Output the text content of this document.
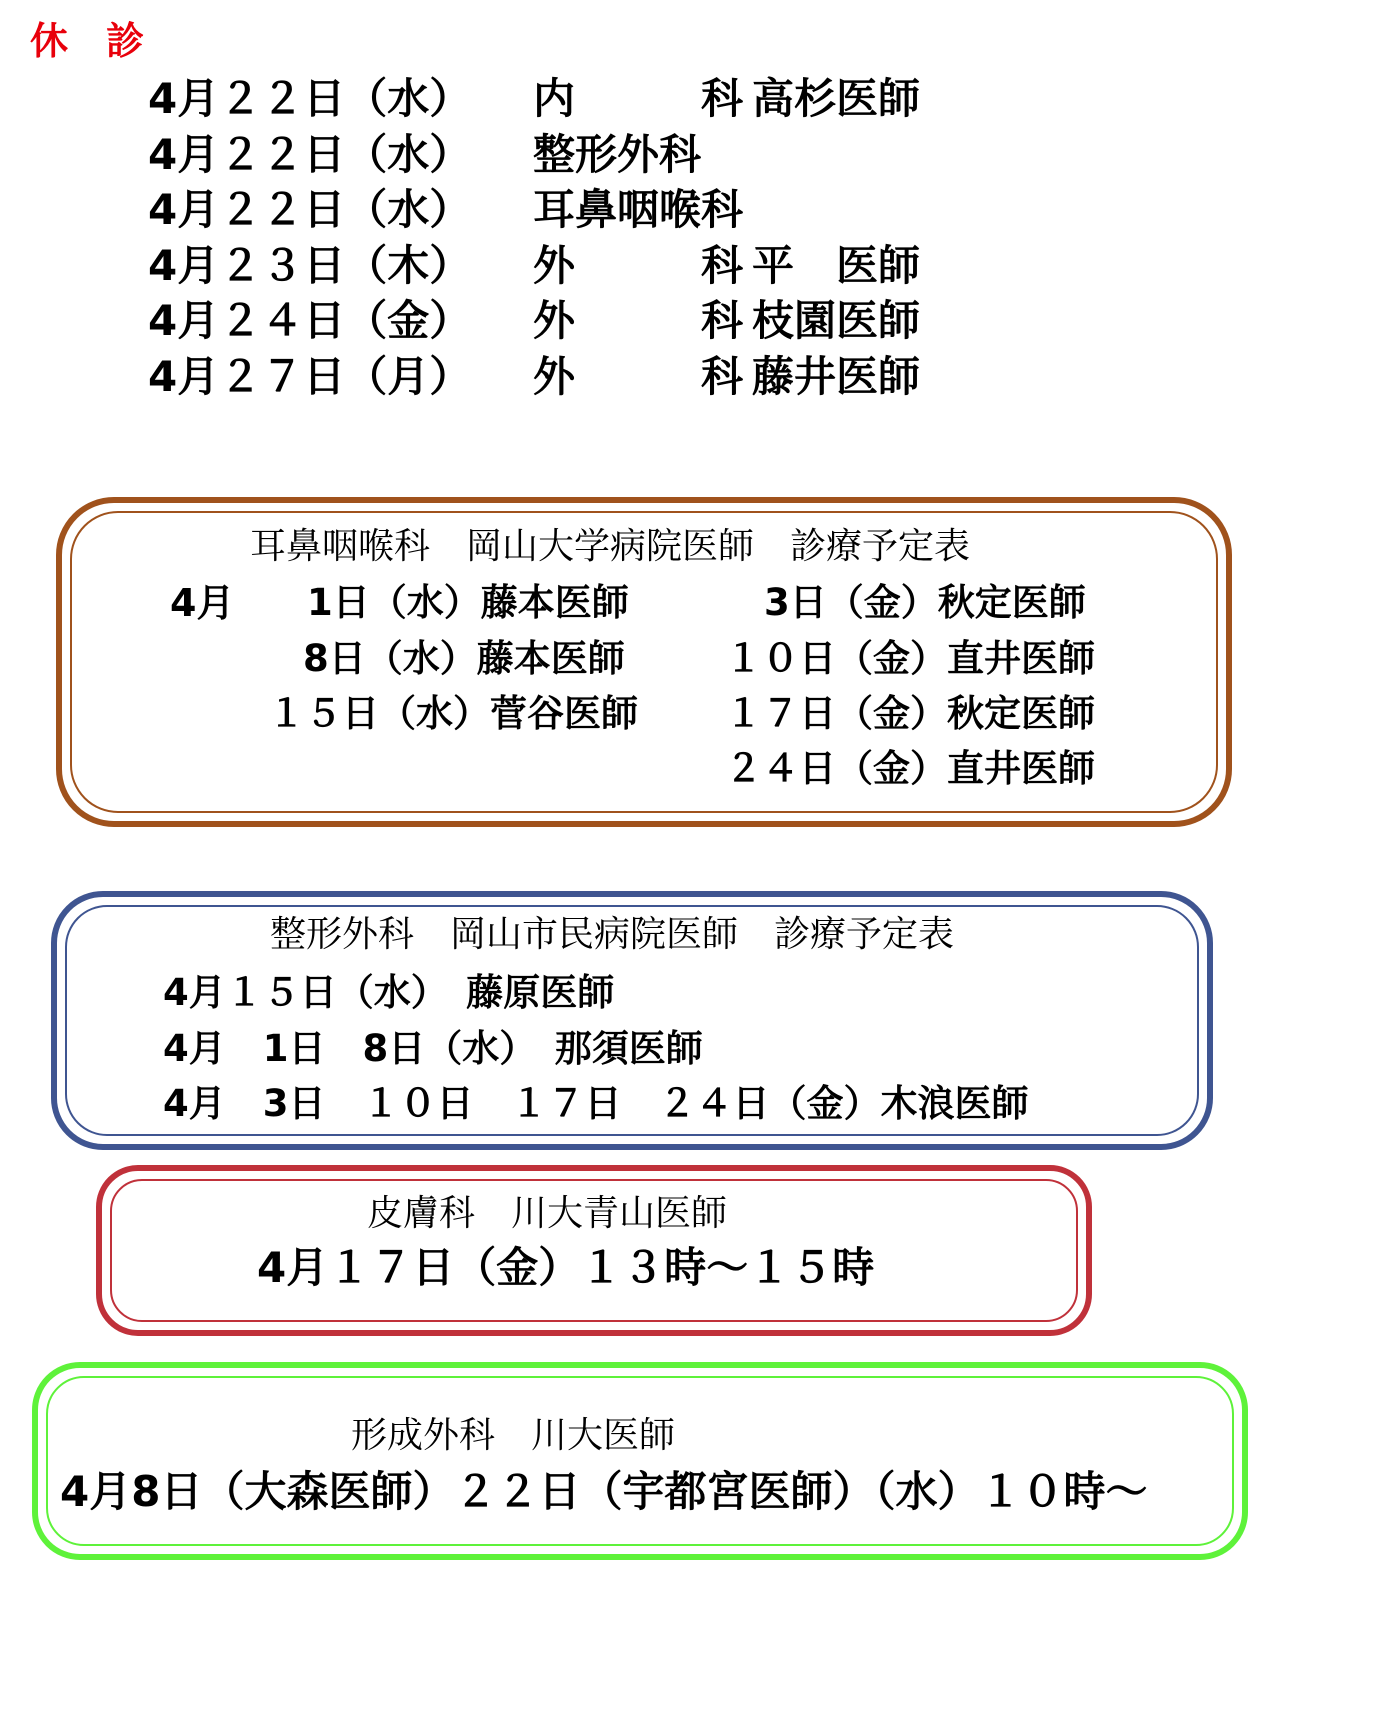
休　診
4月２２日（水） 内　　　科 高杉医師
4月２２日（水） 整形外科
4月２２日（水） 耳鼻咽喉科
4月２３日（木） 外　　　科 平　医師
4月２４日（金） 外　　　科 枝園医師
4月２７日（月） 外　　　科 藤井医師
耳鼻咽喉科　岡山大学病院医師　診療予定表
4月 1日（水）藤本医師
8日（水）藤本医師
１５日（水）菅谷医師
3日（金）秋定医師
１０日（金）直井医師
１７日（金）秋定医師
２４日（金）直井医師
整形外科　岡山市民病院医師　診療予定表
4月１５日（水）　藤原医師
4月　1日　8日（水）　那須医師
4月　3日　１０日　１７日　２４日（金）木浪医師
皮膚科　川大青山医師
4月１７日（金）１３時～１５時
形成外科　川大医師
4月8日（大森医師）２２日（宇都宮医師）（水）１０時～
